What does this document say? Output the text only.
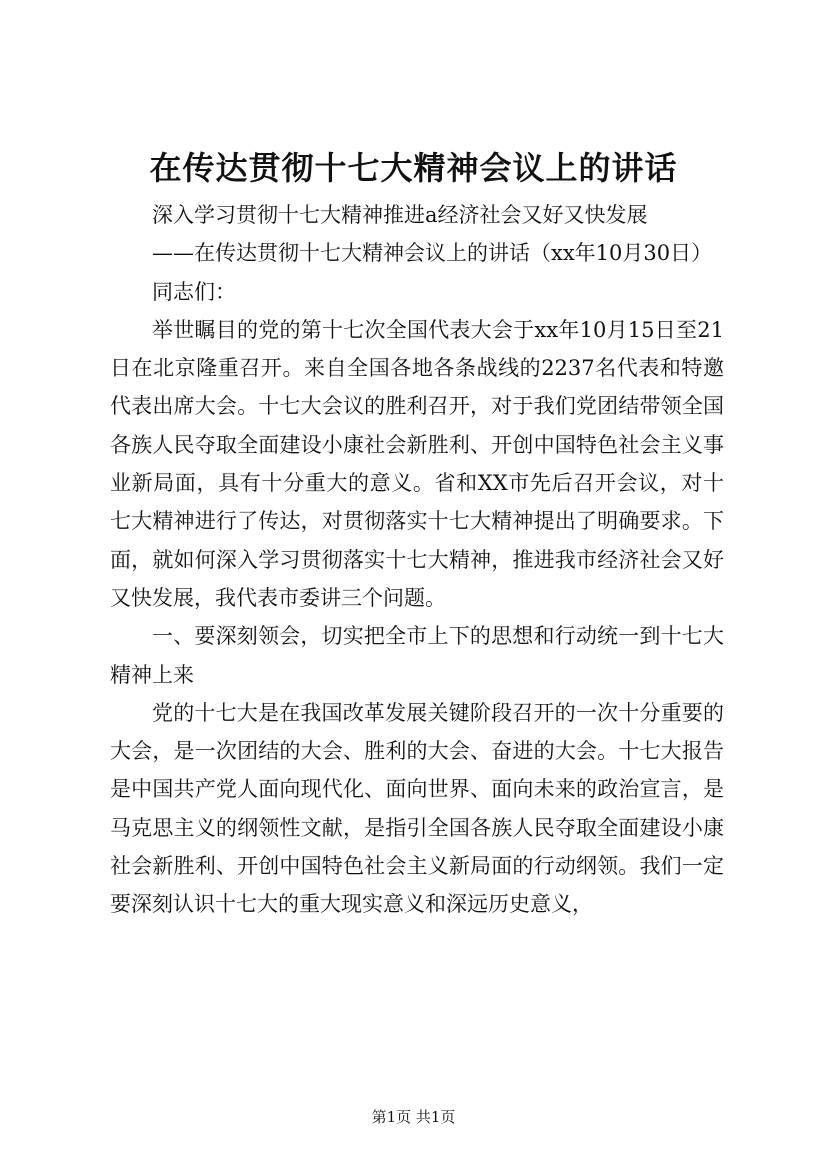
在传达贯彻十七大精神会议上的讲话

深入学习贯彻十七大精神推进a经济社会又好又快发展

——在传达贯彻十七大精神会议上的讲话（xx年10月30日）

同志们：

举世瞩目的党的第十七次全国代表大会于xx年10月15日至21日在北京隆重召开。来自全国各地各条战线的2237名代表和特邀代表出席大会。十七大会议的胜利召开，对于我们党团结带领全国各族人民夺取全面建设小康社会新胜利、开创中国特色社会主义事业新局面，具有十分重大的意义。省和XX市先后召开会议，对十七大精神进行了传达，对贯彻落实十七大精神提出了明确要求。下面，就如何深入学习贯彻落实十七大精神，推进我市经济社会又好又快发展，我代表市委讲三个问题。

一、要深刻领会，切实把全市上下的思想和行动统一到十七大精神上来

党的十七大是在我国改革发展关键阶段召开的一次十分重要的大会，是一次团结的大会、胜利的大会、奋进的大会。十七大报告是中国共产党人面向现代化、面向世界、面向未来的政治宣言，是马克思主义的纲领性文献，是指引全国各族人民夺取全面建设小康社会新胜利、开创中国特色社会主义新局面的行动纲领。我们一定要深刻认识十七大的重大现实意义和深远历史意义，

第1页 共1页
